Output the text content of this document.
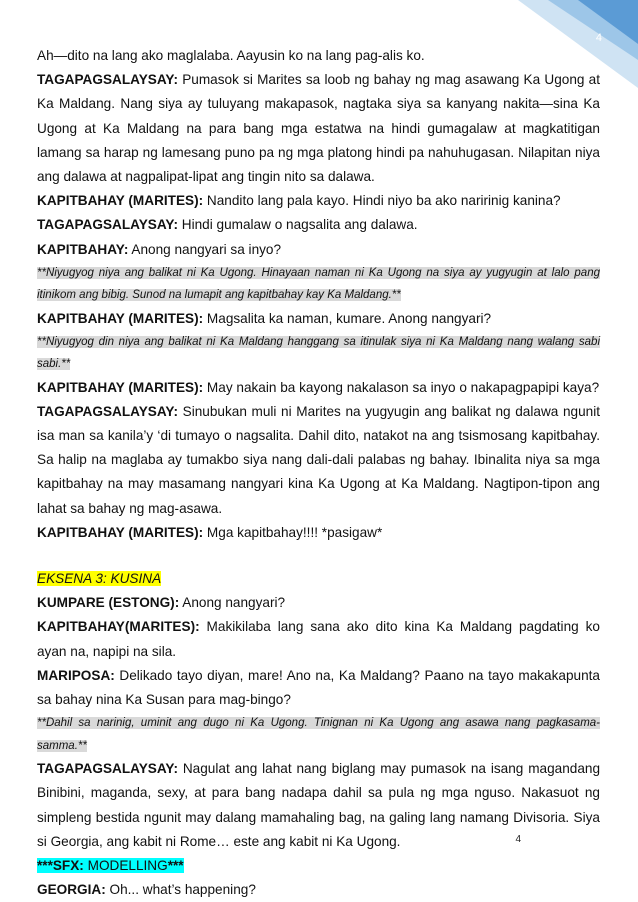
4
Ah—dito na lang ako maglalaba. Aayusin ko na lang pag-alis ko.
TAGAPAGSALAYSAY: Pumasok si Marites sa loob ng bahay ng mag asawang Ka Ugong at Ka Maldang. Nang siya ay tuluyang makapasok, nagtaka siya sa kanyang nakita—sina Ka Ugong at Ka Maldang na para bang mga estatwa na hindi gumagalaw at magkatitigan lamang sa harap ng lamesang puno pa ng mga platong hindi pa nahuhugasan. Nilapitan niya ang dalawa at nagpalipat-lipat ang tingin nito sa dalawa.
KAPITBAHAY (MARITES): Nandito lang pala kayo. Hindi niyo ba ako naririnig kanina?
TAGAPAGSALAYSAY: Hindi gumalaw o nagsalita ang dalawa.
KAPITBAHAY: Anong nangyari sa inyo?
**Niyugyog niya ang balikat ni Ka Ugong. Hinayaan naman ni Ka Ugong na siya ay yugyugin at lalo pang itinikom ang bibig. Sunod na lumapit ang kapitbahay kay Ka Maldang.**
KAPITBAHAY (MARITES): Magsalita ka naman, kumare. Anong nangyari?
**Niyugyog din niya ang balikat ni Ka Maldang hanggang sa itinulak siya ni Ka Maldang nang walang sabi sabi.**
KAPITBAHAY (MARITES): May nakain ba kayong nakalason sa inyo o nakapagpapipi kaya?
TAGAPAGSALAYSAY: Sinubukan muli ni Marites na yugyugin ang balikat ng dalawa ngunit isa man sa kanila’y ‘di tumayo o nagsalita. Dahil dito, natakot na ang tsismosang kapitbahay. Sa halip na maglaba ay tumakbo siya nang dali-dali palabas ng bahay. Ibinalita niya sa mga kapitbahay na may masamang nangyari kina Ka Ugong at Ka Maldang. Nagtipon-tipon ang lahat sa bahay ng mag-asawa.
KAPITBAHAY (MARITES): Mga kapitbahay!!!! *pasigaw*
EKSENA 3: KUSINA
KUMPARE (ESTONG): Anong nangyari?
KAPITBAHAY(MARITES): Makikilaba lang sana ako dito kina Ka Maldang pagdating ko ayan na, napipi na sila.
MARIPOSA: Delikado tayo diyan, mare! Ano na, Ka Maldang? Paano na tayo makakapunta sa bahay nina Ka Susan para mag-bingo?
**Dahil sa narinig, uminit ang dugo ni Ka Ugong. Tinignan ni Ka Ugong ang asawa nang pagkasama-samma.**
TAGAPAGSALAYSAY: Nagulat ang lahat nang biglang may pumasok na isang magandang Binibini, maganda, sexy, at para bang nadapa dahil sa pula ng mga nguso. Nakasuot ng simpleng bestida ngunit may dalang mamahaling bag, na galing lang namang Divisoria. Siya si Georgia, ang kabit ni Rome… este ang kabit ni Ka Ugong.
***SFX: MODELLING***
GEORGIA: Oh... what’s happening?
4
